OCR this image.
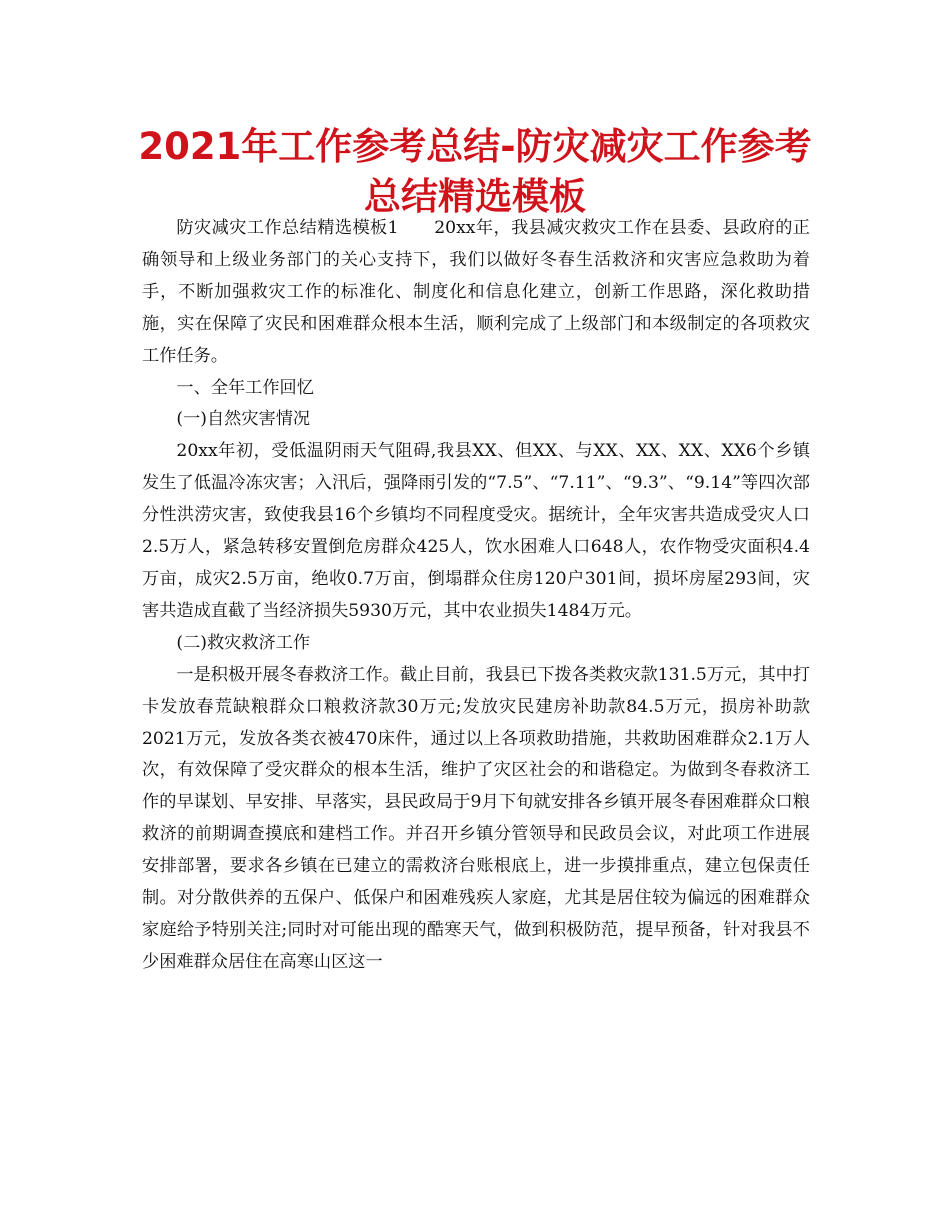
2021年工作参考总结-防灾减灾工作参考总结精选模板

防灾减灾工作总结精选模板1　　20xx年，我县减灾救灾工作在县委、县政府的正确领导和上级业务部门的关心支持下，我们以做好冬春生活救济和灾害应急救助为着手，不断加强救灾工作的标准化、制度化和信息化建立，创新工作思路，深化救助措施，实在保障了灾民和困难群众根本生活，顺利完成了上级部门和本级制定的各项救灾工作任务。

一、全年工作回忆

(一)自然灾害情况

20xx年初，受低温阴雨天气阻碍,我县XX、但XX、与XX、XX、XX、XX6个乡镇发生了低温冷冻灾害；入汛后，强降雨引发的“7.5”、“7.11”、“9.3”、“9.14”等四次部分性洪涝灾害，致使我县16个乡镇均不同程度受灾。据统计，全年灾害共造成受灾人口2.5万人，紧急转移安置倒危房群众425人，饮水困难人口648人，农作物受灾面积4.4万亩，成灾2.5万亩，绝收0.7万亩，倒塌群众住房120户301间，损坏房屋293间，灾害共造成直截了当经济损失5930万元，其中农业损失1484万元。

(二)救灾救济工作

一是积极开展冬春救济工作。截止目前，我县已下拨各类救灾款131.5万元，其中打卡发放春荒缺粮群众口粮救济款30万元;发放灾民建房补助款84.5万元，损房补助款2021万元，发放各类衣被470床件，通过以上各项救助措施，共救助困难群众2.1万人次，有效保障了受灾群众的根本生活，维护了灾区社会的和谐稳定。为做到冬春救济工作的早谋划、早安排、早落实，县民政局于9月下旬就安排各乡镇开展冬春困难群众口粮救济的前期调查摸底和建档工作。并召开乡镇分管领导和民政员会议，对此项工作进展安排部署，要求各乡镇在已建立的需救济台账根底上，进一步摸排重点，建立包保责任制。对分散供养的五保户、低保户和困难残疾人家庭，尤其是居住较为偏远的困难群众家庭给予特别关注;同时对可能出现的酷寒天气，做到积极防范，提早预备，针对我县不少困难群众居住在高寒山区这一
